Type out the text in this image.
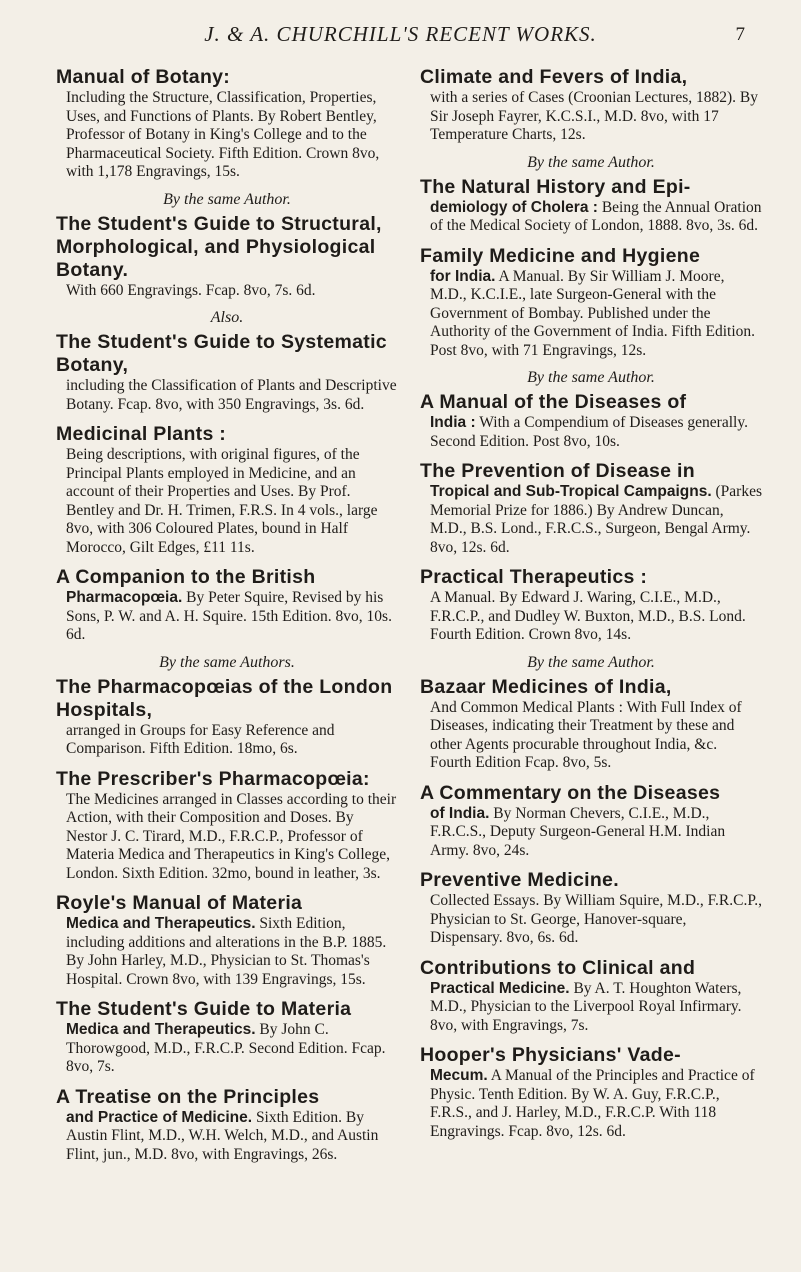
J. & A. CHURCHILL'S RECENT WORKS.	7
Manual of Botany:
Including the Structure, Classification, Properties, Uses, and Functions of Plants. By Robert Bentley, Professor of Botany in King's College and to the Pharmaceutical Society. Fifth Edition. Crown 8vo, with 1,178 Engravings, 15s.
By the same Author.
The Student's Guide to Structural, Morphological, and Physiological Botany.
With 660 Engravings. Fcap. 8vo, 7s. 6d.
Also.
The Student's Guide to Systematic Botany,
including the Classification of Plants and Descriptive Botany. Fcap. 8vo, with 350 Engravings, 3s. 6d.
Medicinal Plants :
Being descriptions, with original figures, of the Principal Plants employed in Medicine, and an account of their Properties and Uses. By Prof. Bentley and Dr. H. Trimen, F.R.S. In 4 vols., large 8vo, with 306 Coloured Plates, bound in Half Morocco, Gilt Edges, £11 11s.
A Companion to the British
Pharmacopœia. By Peter Squire, Revised by his Sons, P. W. and A. H. Squire. 15th Edition. 8vo, 10s. 6d.
By the same Authors.
The Pharmacopœias of the London Hospitals,
arranged in Groups for Easy Reference and Comparison. Fifth Edition. 18mo, 6s.
The Prescriber's Pharmacopœia:
The Medicines arranged in Classes according to their Action, with their Composition and Doses. By Nestor J. C. Tirard, M.D., F.R.C.P., Professor of Materia Medica and Therapeutics in King's College, London. Sixth Edition. 32mo, bound in leather, 3s.
Royle's Manual of Materia
Medica and Therapeutics. Sixth Edition, including additions and alterations in the B.P. 1885. By John Harley, M.D., Physician to St. Thomas's Hospital. Crown 8vo, with 139 Engravings, 15s.
The Student's Guide to Materia
Medica and Therapeutics. By John C. Thorowgood, M.D., F.R.C.P. Second Edition. Fcap. 8vo, 7s.
A Treatise on the Principles
and Practice of Medicine. Sixth Edition. By Austin Flint, M.D., W.H. Welch, M.D., and Austin Flint, jun., M.D. 8vo, with Engravings, 26s.
Climate and Fevers of India,
with a series of Cases (Croonian Lectures, 1882). By Sir Joseph Fayrer, K.C.S.I., M.D. 8vo, with 17 Temperature Charts, 12s.
By the same Author.
The Natural History and Epi-
demiology of Cholera : Being the Annual Oration of the Medical Society of London, 1888. 8vo, 3s. 6d.
Family Medicine and Hygiene
for India. A Manual. By Sir William J. Moore, M.D., K.C.I.E., late Surgeon-General with the Government of Bombay. Published under the Authority of the Government of India. Fifth Edition. Post 8vo, with 71 Engravings, 12s.
By the same Author.
A Manual of the Diseases of
India : With a Compendium of Diseases generally. Second Edition. Post 8vo, 10s.
The Prevention of Disease in
Tropical and Sub-Tropical Campaigns. (Parkes Memorial Prize for 1886.) By Andrew Duncan, M.D., B.S. Lond., F.R.C.S., Surgeon, Bengal Army. 8vo, 12s. 6d.
Practical Therapeutics :
A Manual. By Edward J. Waring, C.I.E., M.D., F.R.C.P., and Dudley W. Buxton, M.D., B.S. Lond. Fourth Edition. Crown 8vo, 14s.
By the same Author.
Bazaar Medicines of India,
And Common Medical Plants : With Full Index of Diseases, indicating their Treatment by these and other Agents procurable throughout India, &c. Fourth Edition Fcap. 8vo, 5s.
A Commentary on the Diseases
of India. By Norman Chevers, C.I.E., M.D., F.R.C.S., Deputy Surgeon-General H.M. Indian Army. 8vo, 24s.
Preventive Medicine.
Collected Essays. By William Squire, M.D., F.R.C.P., Physician to St. George, Hanover-square, Dispensary. 8vo, 6s. 6d.
Contributions to Clinical and
Practical Medicine. By A. T. Houghton Waters, M.D., Physician to the Liverpool Royal Infirmary. 8vo, with Engravings, 7s.
Hooper's Physicians' Vade-
Mecum. A Manual of the Principles and Practice of Physic. Tenth Edition. By W. A. Guy, F.R.C.P., F.R.S., and J. Harley, M.D., F.R.C.P. With 118 Engravings. Fcap. 8vo, 12s. 6d.
